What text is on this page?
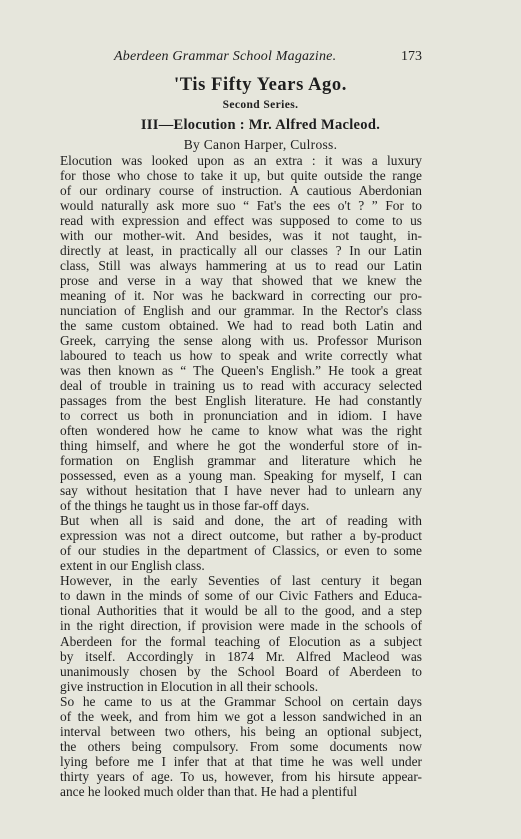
Aberdeen Grammar School Magazine.	173
'Tis Fifty Years Ago.
Second Series.
III—Elocution : Mr. Alfred Macleod.
By Canon Harper, Culross.
Elocution was looked upon as an extra : it was a luxury
for those who chose to take it up, but quite outside the range
of our ordinary course of instruction. A cautious Aberdonian
would naturally ask more suo “ Fat's the ees o't ? ” For to
read with expression and effect was supposed to come to us
with our mother-wit. And besides, was it not taught, in-
directly at least, in practically all our classes ? In our Latin
class, Still was always hammering at us to read our Latin
prose and verse in a way that showed that we knew the
meaning of it. Nor was he backward in correcting our pro-
nunciation of English and our grammar. In the Rector's class
the same custom obtained. We had to read both Latin and
Greek, carrying the sense along with us. Professor Murison
laboured to teach us how to speak and write correctly what
was then known as “ The Queen's English.” He took a great
deal of trouble in training us to read with accuracy selected
passages from the best English literature. He had constantly
to correct us both in pronunciation and in idiom. I have
often wondered how he came to know what was the right
thing himself, and where he got the wonderful store of in-
formation on English grammar and literature which he
possessed, even as a young man. Speaking for myself, I can
say without hesitation that I have never had to unlearn any
of the things he taught us in those far-off days.
But when all is said and done, the art of reading with
expression was not a direct outcome, but rather a by-product
of our studies in the department of Classics, or even to some
extent in our English class.
However, in the early Seventies of last century it began
to dawn in the minds of some of our Civic Fathers and Educa-
tional Authorities that it would be all to the good, and a step
in the right direction, if provision were made in the schools of
Aberdeen for the formal teaching of Elocution as a subject
by itself. Accordingly in 1874 Mr. Alfred Macleod was
unanimously chosen by the School Board of Aberdeen to
give instruction in Elocution in all their schools.
So he came to us at the Grammar School on certain days
of the week, and from him we got a lesson sandwiched in an
interval between two others, his being an optional subject,
the others being compulsory. From some documents now
lying before me I infer that at that time he was well under
thirty years of age. To us, however, from his hirsute appear-
ance he looked much older than that. He had a plentiful
